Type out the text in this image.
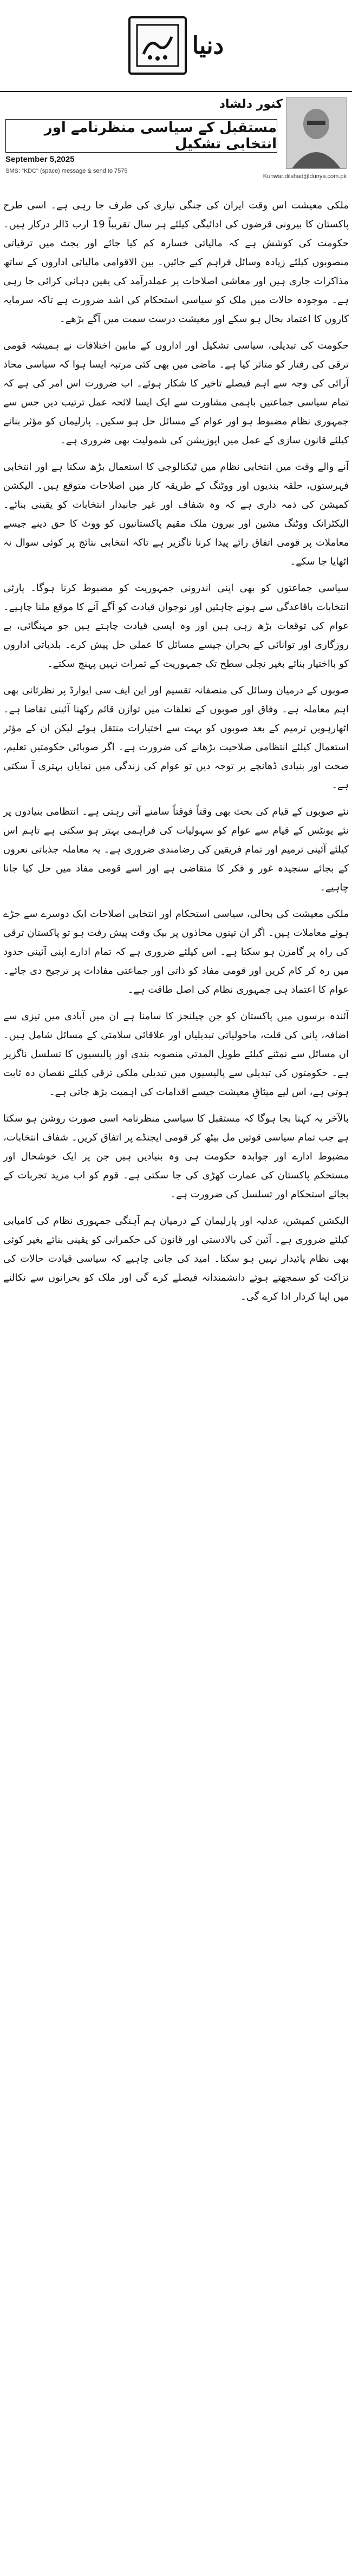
دنیا
کنور دلشاد
مستقبل کے سیاسی منظرنامے اور انتخابی تشکیل
September 5,2025
SMS: "KDC" (space) message & send to 7575
Kunwar.dilshad@dunya.com.pk

ملکی معیشت اس وقت ایران کی جنگی تیاری کی طرف جا رہی ہے۔ اسی طرح پاکستان کا بیرونی قرضوں کی ادائیگی کیلئے ہر سال تقریباً 19 ارب ڈالر درکار ہیں۔ حکومت کی کوشش ہے کہ مالیاتی خسارہ کم کیا جائے اور بجٹ میں ترقیاتی منصوبوں کیلئے زیادہ وسائل فراہم کیے جائیں۔ بین الاقوامی مالیاتی اداروں کے ساتھ مذاکرات جاری ہیں اور معاشی اصلاحات پر عملدرآمد کی یقین دہانی کرائی جا رہی ہے۔ موجودہ حالات میں ملک کو سیاسی استحکام کی اشد ضرورت ہے تاکہ سرمایہ کاروں کا اعتماد بحال ہو سکے اور معیشت درست سمت میں آگے بڑھے۔

حکومت کی تبدیلی، سیاسی تشکیل اور اداروں کے مابین اختلافات نے ہمیشہ قومی ترقی کی رفتار کو متاثر کیا ہے۔ ماضی میں بھی کئی مرتبہ ایسا ہوا کہ سیاسی محاذ آرائی کی وجہ سے اہم فیصلے تاخیر کا شکار ہوئے۔ اب ضرورت اس امر کی ہے کہ تمام سیاسی جماعتیں باہمی مشاورت سے ایک ایسا لائحہ عمل ترتیب دیں جس سے جمہوری نظام مضبوط ہو اور عوام کے مسائل حل ہو سکیں۔ پارلیمان کو مؤثر بنانے کیلئے قانون سازی کے عمل میں اپوزیشن کی شمولیت بھی ضروری ہے۔

آنے والے وقت میں انتخابی نظام میں ٹیکنالوجی کا استعمال بڑھ سکتا ہے اور انتخابی فہرستوں، حلقہ بندیوں اور ووٹنگ کے طریقہ کار میں اصلاحات متوقع ہیں۔ الیکشن کمیشن کی ذمہ داری ہے کہ وہ شفاف اور غیر جانبدار انتخابات کو یقینی بنائے۔ الیکٹرانک ووٹنگ مشین اور بیرون ملک مقیم پاکستانیوں کو ووٹ کا حق دینے جیسے معاملات پر قومی اتفاق رائے پیدا کرنا ناگزیر ہے تاکہ انتخابی نتائج پر کوئی سوال نہ اٹھایا جا سکے۔

سیاسی جماعتوں کو بھی اپنی اندرونی جمہوریت کو مضبوط کرنا ہوگا۔ پارٹی انتخابات باقاعدگی سے ہونے چاہئیں اور نوجوان قیادت کو آگے آنے کا موقع ملنا چاہیے۔ عوام کی توقعات بڑھ رہی ہیں اور وہ ایسی قیادت چاہتے ہیں جو مہنگائی، بے روزگاری اور توانائی کے بحران جیسے مسائل کا عملی حل پیش کرے۔ بلدیاتی اداروں کو بااختیار بنائے بغیر نچلی سطح تک جمہوریت کے ثمرات نہیں پہنچ سکتے۔

صوبوں کے درمیان وسائل کی منصفانہ تقسیم اور این ایف سی ایوارڈ پر نظرثانی بھی اہم معاملہ ہے۔ وفاق اور صوبوں کے تعلقات میں توازن قائم رکھنا آئینی تقاضا ہے۔ اٹھارہویں ترمیم کے بعد صوبوں کو بہت سے اختیارات منتقل ہوئے لیکن ان کے مؤثر استعمال کیلئے انتظامی صلاحیت بڑھانے کی ضرورت ہے۔ اگر صوبائی حکومتیں تعلیم، صحت اور بنیادی ڈھانچے پر توجہ دیں تو عوام کی زندگی میں نمایاں بہتری آ سکتی ہے۔

نئے صوبوں کے قیام کی بحث بھی وقتاً فوقتاً سامنے آتی رہتی ہے۔ انتظامی بنیادوں پر نئے یونٹس کے قیام سے عوام کو سہولیات کی فراہمی بہتر ہو سکتی ہے تاہم اس کیلئے آئینی ترمیم اور تمام فریقین کی رضامندی ضروری ہے۔ یہ معاملہ جذباتی نعروں کے بجائے سنجیدہ غور و فکر کا متقاضی ہے اور اسے قومی مفاد میں حل کیا جانا چاہیے۔

ملکی معیشت کی بحالی، سیاسی استحکام اور انتخابی اصلاحات ایک دوسرے سے جڑے ہوئے معاملات ہیں۔ اگر ان تینوں محاذوں پر بیک وقت پیش رفت ہو تو پاکستان ترقی کی راہ پر گامزن ہو سکتا ہے۔ اس کیلئے ضروری ہے کہ تمام ادارے اپنی آئینی حدود میں رہ کر کام کریں اور قومی مفاد کو ذاتی اور جماعتی مفادات پر ترجیح دی جائے۔ عوام کا اعتماد ہی جمہوری نظام کی اصل طاقت ہے۔

آئندہ برسوں میں پاکستان کو جن چیلنجز کا سامنا ہے ان میں آبادی میں تیزی سے اضافہ، پانی کی قلت، ماحولیاتی تبدیلیاں اور علاقائی سلامتی کے مسائل شامل ہیں۔ ان مسائل سے نمٹنے کیلئے طویل المدتی منصوبہ بندی اور پالیسیوں کا تسلسل ناگزیر ہے۔ حکومتوں کی تبدیلی سے پالیسیوں میں تبدیلی ملکی ترقی کیلئے نقصان دہ ثابت ہوتی ہے، اس لیے میثاقِ معیشت جیسے اقدامات کی اہمیت بڑھ جاتی ہے۔

بالآخر یہ کہنا بجا ہوگا کہ مستقبل کا سیاسی منظرنامہ اسی صورت روشن ہو سکتا ہے جب تمام سیاسی قوتیں مل بیٹھ کر قومی ایجنڈے پر اتفاق کریں۔ شفاف انتخابات، مضبوط ادارے اور جوابدہ حکومت ہی وہ بنیادیں ہیں جن پر ایک خوشحال اور مستحکم پاکستان کی عمارت کھڑی کی جا سکتی ہے۔ قوم کو اب مزید تجربات کے بجائے استحکام اور تسلسل کی ضرورت ہے۔

الیکشن کمیشن، عدلیہ اور پارلیمان کے درمیان ہم آہنگی جمہوری نظام کی کامیابی کیلئے ضروری ہے۔ آئین کی بالادستی اور قانون کی حکمرانی کو یقینی بنائے بغیر کوئی بھی نظام پائیدار نہیں ہو سکتا۔ امید کی جانی چاہیے کہ سیاسی قیادت حالات کی نزاکت کو سمجھتے ہوئے دانشمندانہ فیصلے کرے گی اور ملک کو بحرانوں سے نکالنے میں اپنا کردار ادا کرے گی۔
